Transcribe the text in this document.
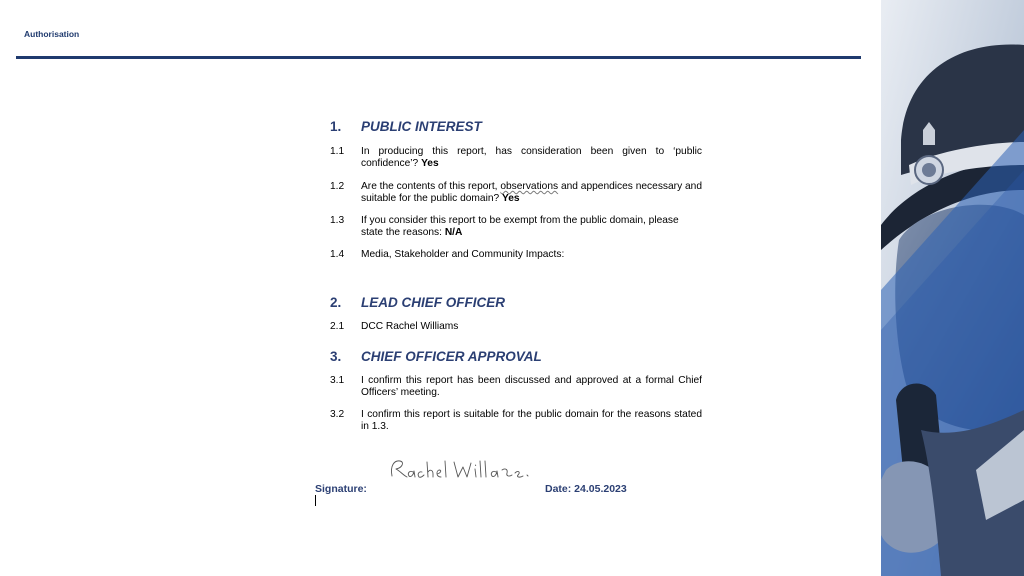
Authorisation
1.	PUBLIC INTEREST
1.1	In producing this report, has consideration been given to ‘public confidence’? Yes
1.2	Are the contents of this report, observations and appendices necessary and suitable for the public domain? Yes
1.3	If you consider this report to be exempt from the public domain, please state the reasons: N/A
1.4	Media, Stakeholder and Community Impacts:
2.	LEAD CHIEF OFFICER
2.1	DCC Rachel Williams
3.	CHIEF OFFICER APPROVAL
3.1	I confirm this report has been discussed and approved at a formal Chief Officers’ meeting.
3.2	I confirm this report is suitable for the public domain for the reasons stated in 1.3.
Signature:	Date: 24.05.2023
